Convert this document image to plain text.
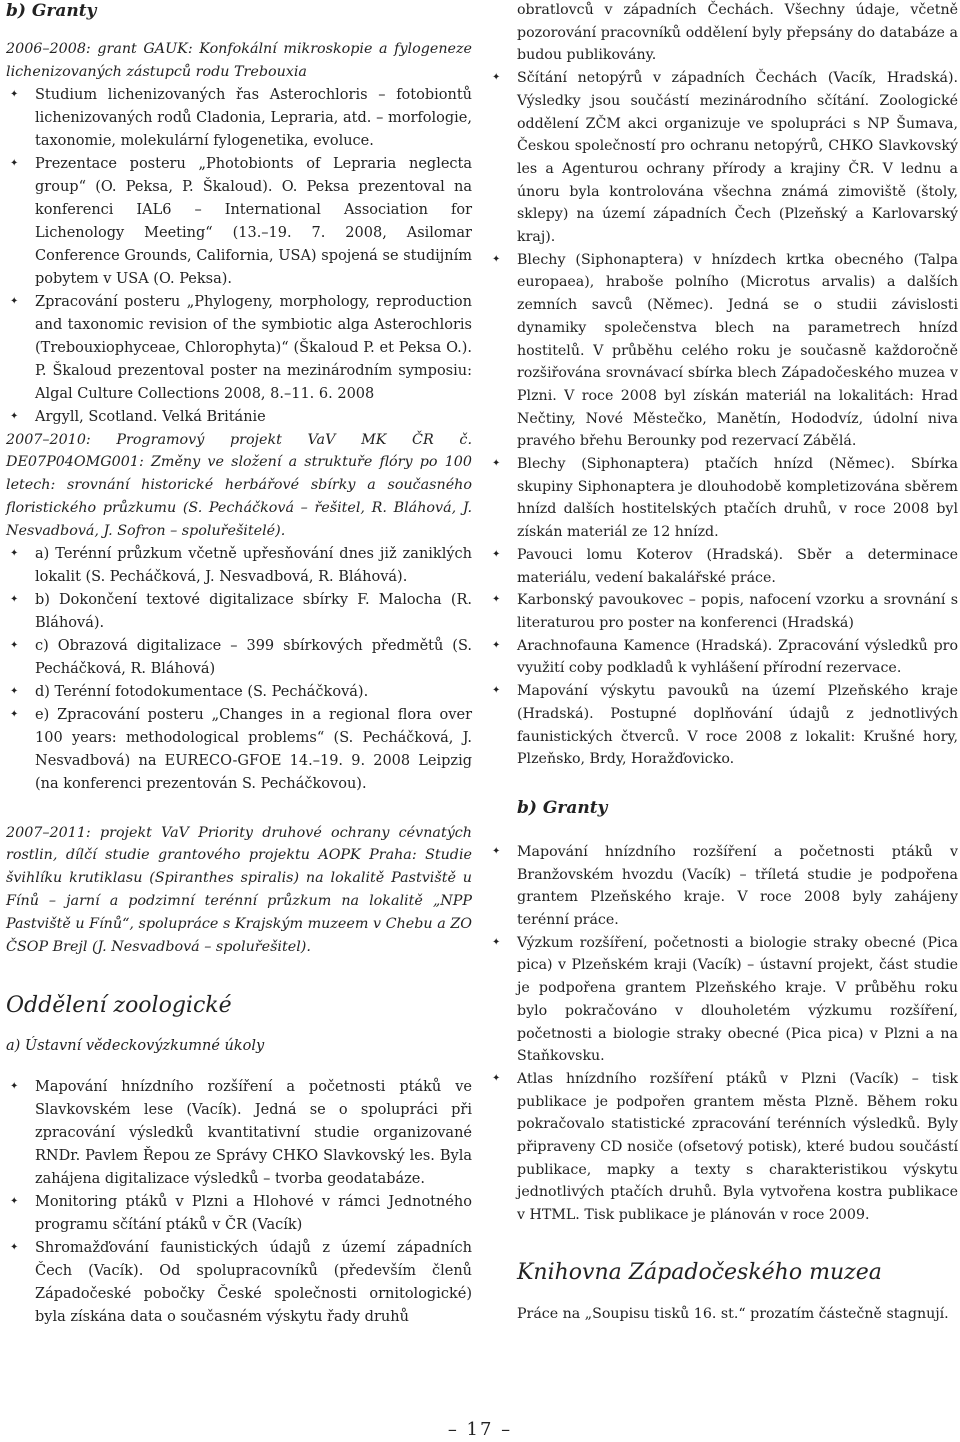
b) Granty

2006–2008: grant GAUK: Konfokální mikroskopie a fylogeneze lichenizovaných zástupců rodu Trebouxia

✦ Studium lichenizovaných řas Asterochloris – fotobiontů lichenizovaných rodů Cladonia, Lepraria, atd. – morfologie, taxonomie, molekulární fylogenetika, evoluce.
✦ Prezentace posteru „Photobionts of Lepraria neglecta group“ (O. Peksa, P. Škaloud). O. Peksa prezentoval na konferenci IAL6 – International Association for Lichenology Meeting“ (13.–19. 7. 2008, Asilomar Conference Grounds, California, USA) spojená se studijním pobytem v USA (O. Peksa).
✦ Zpracování posteru „Phylogeny, morphology, reproduction and taxonomic revision of the symbiotic alga Asterochloris (Trebouxiophyceae, Chlorophyta)“ (Škaloud P. et Peksa O.). P. Škaloud prezentoval poster na mezinárodním symposiu: Algal Culture Collections 2008, 8.–11. 6. 2008
✦ Argyll, Scotland. Velká Británie

2007–2010: Programový projekt VaV MK ČR č. DE07P04OMG001: Změny ve složení a struktuře flóry po 100 letech: srovnání historické herbářové sbírky a současného floristického průzkumu (S. Pecháčková – řešitel, R. Bláhová, J. Nesvadbová, J. Sofron – spoluřešitelé).

✦ a) Terénní průzkum včetně upřesňování dnes již zaniklých lokalit (S. Pecháčková, J. Nesvadbová, R. Bláhová).
✦ b) Dokončení textové digitalizace sbírky F. Malocha (R. Bláhová).
✦ c) Obrazová digitalizace – 399 sbírkových předmětů (S. Pecháčková, R. Bláhová)
✦ d) Terénní fotodokumentace (S. Pecháčková).
✦ e) Zpracování posteru „Changes in a regional flora over 100 years: methodological problems“ (S. Pecháčková, J. Nesvadbová) na EURECO-GFOE 14.–19. 9. 2008 Leipzig (na konferenci prezentován S. Pecháčkovou).

2007–2011: projekt VaV Priority druhové ochrany cévnatých rostlin, dílčí studie grantového projektu AOPK Praha: Studie švihlíku krutiklasu (Spiranthes spiralis) na lokalitě Pastviště u Fínů – jarní a podzimní terénní průzkum na lokalitě „NPP Pastviště u Fínů“, spolupráce s Krajským muzeem v Chebu a ZO ČSOP Brejl (J. Nesvadbová – spoluřešitel).

Oddělení zoologické

a) Ústavní vědeckovýzkumné úkoly

✦ Mapování hnízdního rozšíření a početnosti ptáků ve Slavkovském lese (Vacík). Jedná se o spolupráci při zpracování výsledků kvantitativní studie organizované RNDr. Pavlem Řepou ze Správy CHKO Slavkovský les. Byla zahájena digitalizace výsledků – tvorba geodatabáze.
✦ Monitoring ptáků v Plzni a Hlohové v rámci Jednotného programu sčítání ptáků v ČR (Vacík)
✦ Shromažďování faunistických údajů z území západních Čech (Vacík). Od spolupracovníků (především členů Západočeské pobočky České společnosti ornitologické) byla získána data o současném výskytu řady druhů

obratlovců v západních Čechách. Všechny údaje, včetně pozorování pracovníků oddělení byly přepsány do databáze a budou publikovány.

✦ Sčítání netopýrů v západních Čechách (Vacík, Hradská). Výsledky jsou součástí mezinárodního sčítání. Zoologické oddělení ZČM akci organizuje ve spolupráci s NP Šumava, Českou společností pro ochranu netopýrů, CHKO Slavkovský les a Agenturou ochrany přírody a krajiny ČR. V lednu a únoru byla kontrolována všechna známá zimoviště (štoly, sklepy) na území západních Čech (Plzeňský a Karlovarský kraj).
✦ Blechy (Siphonaptera) v hnízdech krtka obecného (Talpa europaea), hraboše polního (Microtus arvalis) a dalších zemních savců (Němec). Jedná se o studii závislosti dynamiky společenstva blech na parametrech hnízd hostitelů. V průběhu celého roku je současně každoročně rozšiřována srovnávací sbírka blech Západočeského muzea v Plzni. V roce 2008 byl získán materiál na lokalitách: Hrad Nečtiny, Nové Městečko, Manětín, Hododvíz, údolní niva pravého břehu Berounky pod rezervací Zábělá.
✦ Blechy (Siphonaptera) ptačích hnízd (Němec). Sbírka skupiny Siphonaptera je dlouhodobě kompletizována sběrem hnízd dalších hostitelských ptačích druhů, v roce 2008 byl získán materiál ze 12 hnízd.
✦ Pavouci lomu Koterov (Hradská). Sběr a determinace materiálu, vedení bakalářské práce.
✦ Karbonský pavoukovec – popis, nafocení vzorku a srovnání s literaturou pro poster na konferenci (Hradská)
✦ Arachnofauna Kamence (Hradská). Zpracování výsledků pro využití coby podkladů k vyhlášení přírodní rezervace.
✦ Mapování výskytu pavouků na území Plzeňského kraje (Hradská). Postupné doplňování údajů z jednotlivých faunistických čtverců. V roce 2008 z lokalit: Krušné hory, Plzeňsko, Brdy, Horažďovicko.

b) Granty

✦ Mapování hnízdního rozšíření a početnosti ptáků v Branžovském hvozdu (Vacík) – tříletá studie je podpořena grantem Plzeňského kraje. V roce 2008 byly zahájeny terénní práce.
✦ Výzkum rozšíření, početnosti a biologie straky obecné (Pica pica) v Plzeňském kraji (Vacík) – ústavní projekt, část studie je podpořena grantem Plzeňského kraje. V průběhu roku bylo pokračováno v dlouholetém výzkumu rozšíření, početnosti a biologie straky obecné (Pica pica) v Plzni a na Staňkovsku.
✦ Atlas hnízdního rozšíření ptáků v Plzni (Vacík) – tisk publikace je podpořen grantem města Plzně. Během roku pokračovalo statistické zpracování terénních výsledků. Byly připraveny CD nosiče (ofsetový potisk), které budou součástí publikace, mapky a texty s charakteristikou výskytu jednotlivých ptačích druhů. Byla vytvořena kostra publikace v HTML. Tisk publikace je plánován v roce 2009.

Knihovna Západočeského muzea

Práce na „Soupisu tisků 16. st.“ prozatím částečně stagnují.

– 17 –
